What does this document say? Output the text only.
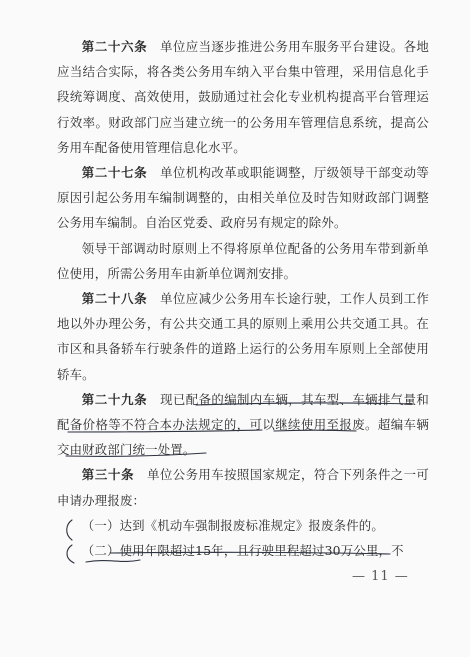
第二十六条　 单位应当逐步推进公务用车服务平台建设。各地应当结合实际，将各类公务用车纳入平台集中管理，采用信息化手段统筹调度、高效使用，鼓励通过社会化专业机构提高平台管理运行效率。财政部门应当建立统一的公务用车管理信息系统，提高公务用车配备使用管理信息化水平。

第二十七条　 单位机构改革或职能调整，厅级领导干部变动等原因引起公务用车编制调整的，由相关单位及时告知财政部门调整公务用车编制。自治区党委、政府另有规定的除外。

领导干部调动时原则上不得将原单位配备的公务用车带到新单位使用，所需公务用车由新单位调剂安排。

第二十八条　 单位应减少公务用车长途行驶，工作人员到工作地以外办理公务，有公共交通工具的原则上乘用公共交通工具。在市区和具备轿车行驶条件的道路上运行的公务用车原则上全部使用轿车。

第二十九条　 现已配备的编制内车辆，其车型、车辆排气量和配备价格等不符合本办法规定的，可以继续使用至报废。超编车辆交由财政部门统一处置。

第三十条　 单位公务用车按照国家规定，符合下列条件之一可申请办理报废：

（一）达到《机动车强制报废标准规定》报废条件的。

（二）使用年限超过15年，且行驶里程超过30万公里，不

— 11 —
